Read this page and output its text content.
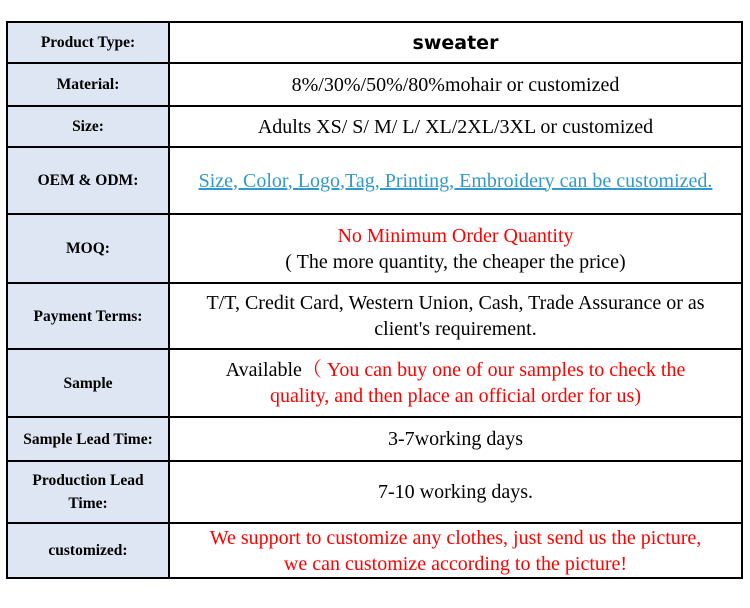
Product Type:	sweater
Material:	8%/30%/50%/80%mohair or customized
Size:	Adults XS/ S/ M/ L/ XL/2XL/3XL or customized
OEM & ODM:	Size, Color, Logo,Tag, Printing, Embroidery can be customized.
MOQ:	No Minimum Order Quantity
( The more quantity, the cheaper the price)

Payment Terms:	T/T, Credit Card, Western Union, Cash, Trade Assurance or as
client's requirement.

Sample	Available（ You can buy one of our samples to check the
quality, and then place an official order for us)

Sample Lead Time:	3-7working days

Production Lead
Time:	7-10 working days.
customized:	We support to customize any clothes, just send us the picture,
we can customize according to the picture!
